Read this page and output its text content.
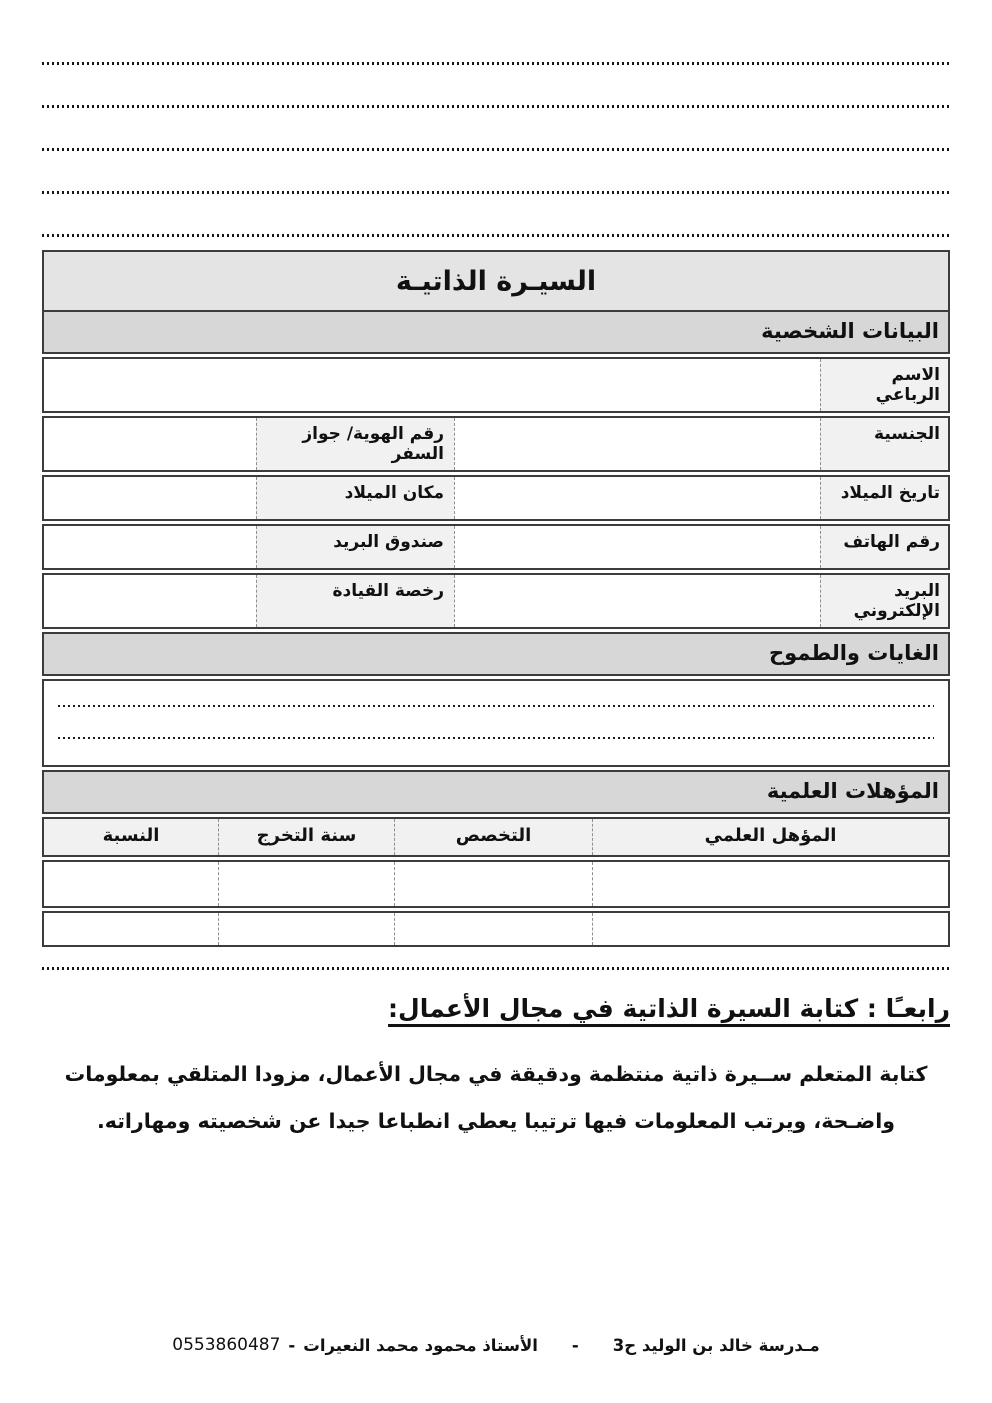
السيـرة الذاتيـة
البيانات الشخصية
الاسم الرباعي
الجنسية
رقم الهوية/ جواز السفر
تاريخ الميلاد
مكان الميلاد
رقم الهاتف
صندوق البريد
البريد الإلكتروني
رخصة القيادة
الغايات والطموح
المؤهلات العلمية
المؤهل العلمي
التخصص
سنة التخرج
النسبة
رابعـًا : كتابة السيرة الذاتية في مجال الأعمال:

كتابة المتعلم ســيرة ذاتية منتظمة ودقيقة في مجال الأعمال، مزودا المتلقي بمعلومات واضـحة، ويرتب المعلومات فيها ترتيبا يعطي انطباعا جيدا عن شخصيته ومهاراته.

مـدرسة خالد بن الوليد ح3
-
الأستاذ محمود محمد النعيرات
-
0553860487
